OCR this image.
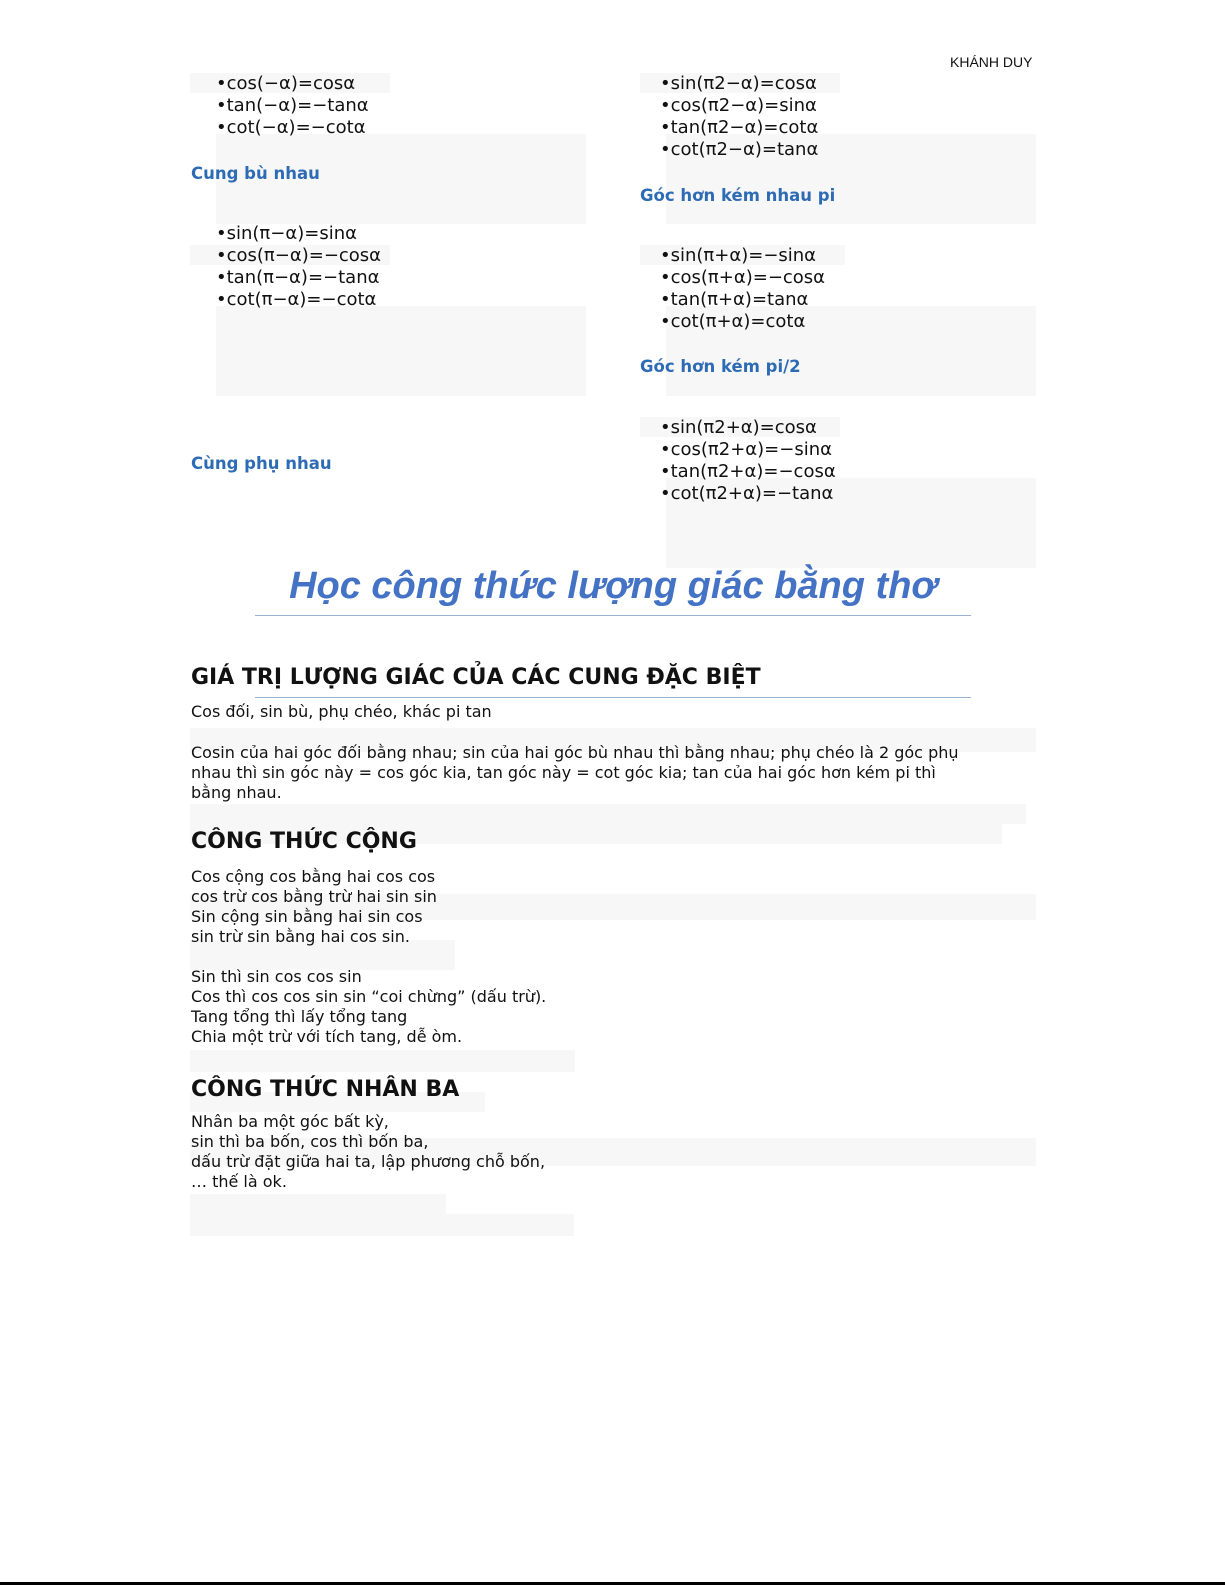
KHÁNH DUY
•cos(−α)=cosα
•tan(−α)=−tanα
•cot(−α)=−cotα
Cung bù nhau
•sin(π−α)=sinα
•cos(π−α)=−cosα
•tan(π−α)=−tanα
•cot(π−α)=−cotα
Cùng phụ nhau
•sin(π2−α)=cosα
•cos(π2−α)=sinα
•tan(π2−α)=cotα
•cot(π2−α)=tanα
Góc hơn kém nhau pi
•sin(π+α)=−sinα
•cos(π+α)=−cosα
•tan(π+α)=tanα
•cot(π+α)=cotα
Góc hơn kém pi/2
•sin(π2+α)=cosα
•cos(π2+α)=−sinα
•tan(π2+α)=−cosα
•cot(π2+α)=−tanα
Học công thức lượng giác bằng thơ
GIÁ TRỊ LƯỢNG GIÁC CỦA CÁC CUNG ĐẶC BIỆT
Cos đối, sin bù, phụ chéo, khác pi tan
Cosin của hai góc đối bằng nhau; sin của hai góc bù nhau thì bằng nhau; phụ chéo là 2 góc phụ
nhau thì sin góc này = cos góc kia, tan góc này = cot góc kia; tan của hai góc hơn kém pi thì
bằng nhau.
CÔNG THỨC CỘNG
Cos cộng cos bằng hai cos cos
cos trừ cos bằng trừ hai sin sin
Sin cộng sin bằng hai sin cos
sin trừ sin bằng hai cos sin.
Sin thì sin cos cos sin
Cos thì cos cos sin sin “coi chừng” (dấu trừ).
Tang tổng thì lấy tổng tang
Chia một trừ với tích tang, dễ òm.
CÔNG THỨC NHÂN BA
Nhân ba một góc bất kỳ,
sin thì ba bốn, cos thì bốn ba,
dấu trừ đặt giữa hai ta, lập phương chỗ bốn,
… thế là ok.
